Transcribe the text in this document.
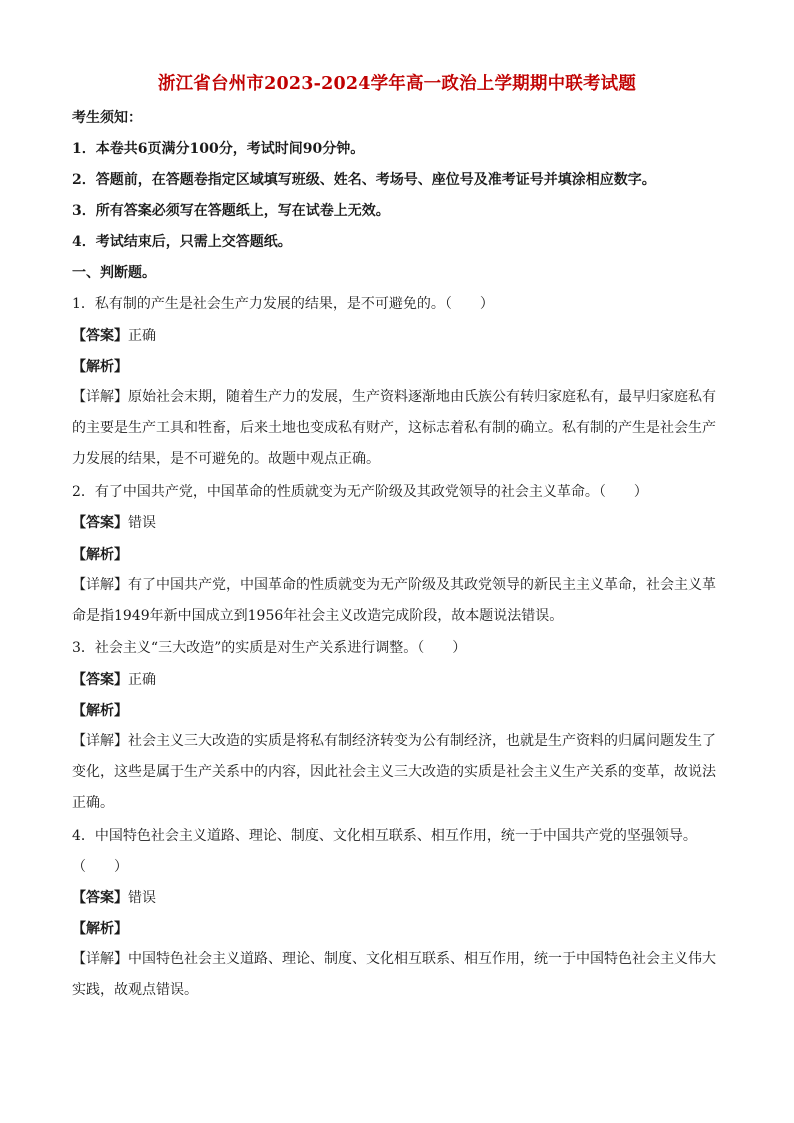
浙江省台州市2023-2024学年高一政治上学期期中联考试题
考生须知：
1．本卷共6页满分100分，考试时间90分钟。
2．答题前，在答题卷指定区域填写班级、姓名、考场号、座位号及准考证号并填涂相应数字。
3．所有答案必须写在答题纸上，写在试卷上无效。
4．考试结束后，只需上交答题纸。
一、判断题。
1．私有制的产生是社会生产力发展的结果，是不可避免的。（　　）
【答案】正确
【解析】
【详解】原始社会末期，随着生产力的发展，生产资料逐渐地由氏族公有转归家庭私有，最早归家庭私有
的主要是生产工具和牲畜，后来土地也变成私有财产，这标志着私有制的确立。私有制的产生是社会生产
力发展的结果，是不可避免的。故题中观点正确。
2．有了中国共产党，中国革命的性质就变为无产阶级及其政党领导的社会主义革命。（　　）
【答案】错误
【解析】
【详解】有了中国共产党，中国革命的性质就变为无产阶级及其政党领导的新民主主义革命，社会主义革
命是指1949年新中国成立到1956年社会主义改造完成阶段，故本题说法错误。
3．社会主义“三大改造”的实质是对生产关系进行调整。（　　）
【答案】正确
【解析】
【详解】社会主义三大改造的实质是将私有制经济转变为公有制经济，也就是生产资料的归属问题发生了
变化，这些是属于生产关系中的内容，因此社会主义三大改造的实质是社会主义生产关系的变革，故说法
正确。
4．中国特色社会主义道路、理论、制度、文化相互联系、相互作用，统一于中国共产党的坚强领导。
（　　）
【答案】错误
【解析】
【详解】中国特色社会主义道路、理论、制度、文化相互联系、相互作用，统一于中国特色社会主义伟大
实践，故观点错误。
